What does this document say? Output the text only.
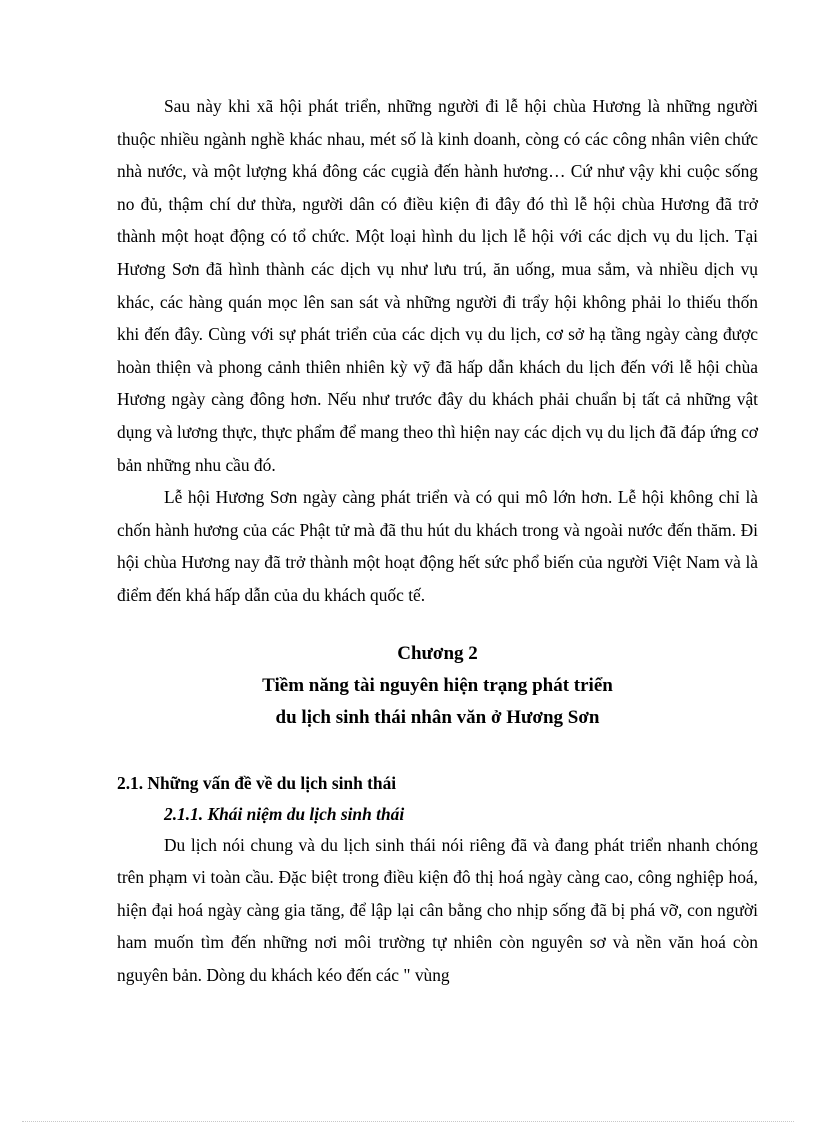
Sau này khi xã hội phát triển, những người đi lễ hội chùa Hương là những người thuộc nhiều ngành nghề khác nhau, mét số là kinh doanh, còng có các công nhân viên chức nhà nước, và một lượng khá đông các cụgià đến hành hương… Cứ như vậy khi cuộc sống no đủ, thậm chí dư thừa, người dân có điều kiện đi đây đó thì lễ hội chùa Hương đã trở thành một hoạt động có tổ chức. Một loại hình du lịch lễ hội với các dịch vụ du lịch. Tại Hương Sơn đã hình thành các dịch vụ như lưu trú, ăn uống, mua sắm, và nhiều dịch vụ khác, các hàng quán mọc lên san sát và những người đi trẩy hội không phải lo thiếu thốn khi đến đây. Cùng với sự phát triển của các dịch vụ du lịch, cơ sở hạ tầng ngày càng được hoàn thiện và phong cảnh thiên nhiên kỳ vỹ đã hấp dẫn khách du lịch đến với lễ hội chùa Hương ngày càng đông hơn. Nếu như trước đây du khách phải chuẩn bị tất cả những vật dụng và lương thực, thực phẩm để mang theo thì hiện nay các dịch vụ du lịch đã đáp ứng cơ bản những nhu cầu đó.

Lễ hội Hương Sơn ngày càng phát triển và có qui mô lớn hơn. Lễ hội không chỉ là chốn hành hương của các Phật tử mà đã thu hút du khách trong và ngoài nước đến thăm. Đi hội chùa Hương nay đã trở thành một hoạt động hết sức phổ biến của người Việt Nam và là điểm đến khá hấp dẫn của du khách quốc tế.

Chương 2

Tiềm năng tài nguyên hiện trạng phát triển

du lịch sinh thái nhân văn ở Hương Sơn

2.1. Những vấn đề về du lịch sinh thái

2.1.1. Khái niệm du lịch sinh thái

Du lịch nói chung và du lịch sinh thái nói riêng đã và đang phát triển nhanh chóng trên phạm vi toàn cầu. Đặc biệt trong điều kiện đô thị hoá ngày càng cao, công nghiệp hoá, hiện đại hoá ngày càng gia tăng, để lập lại cân bằng cho nhịp sống đã bị phá vỡ, con người ham muốn tìm đến những nơi môi trường tự nhiên còn nguyên sơ và nền văn hoá còn nguyên bản. Dòng du khách kéo đến các " vùng
